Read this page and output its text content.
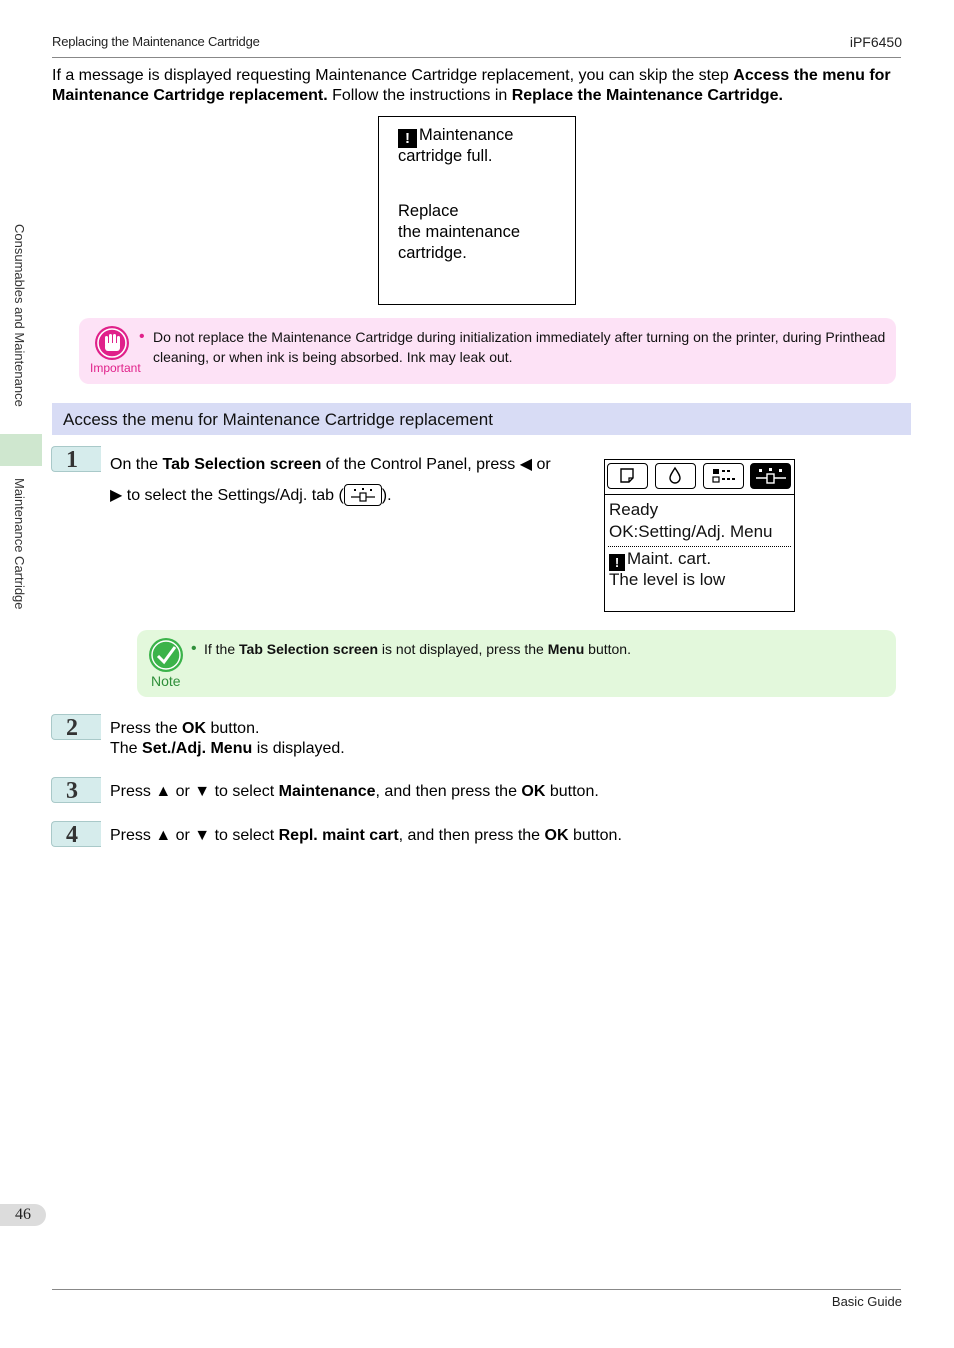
Replacing the Maintenance Cartridge	iPF6450
Consumables and Maintenance
Maintenance Cartridge
If a message is displayed requesting Maintenance Cartridge replacement, you can skip the step Access the menu for Maintenance Cartridge replacement. Follow the instructions in Replace the Maintenance Cartridge.
! Maintenance
cartridge full.
Replace
the maintenance
cartridge.
Important
• Do not replace the Maintenance Cartridge during initialization immediately after turning on the printer, during Printhead cleaning, or when ink is being absorbed. Ink may leak out.
Access the menu for Maintenance Cartridge replacement
1	On the Tab Selection screen of the Control Panel, press ◀ or
▶ to select the Settings/Adj. tab ( ).
Ready
OK:Setting/Adj. Menu
! Maint. cart.
The level is low
Note
• If the Tab Selection screen is not displayed, press the Menu button.
2	Press the OK button.
The Set./Adj. Menu is displayed.
3	Press ▲ or ▼ to select Maintenance, and then press the OK button.
4	Press ▲ or ▼ to select Repl. maint cart, and then press the OK button.
46
Basic Guide
